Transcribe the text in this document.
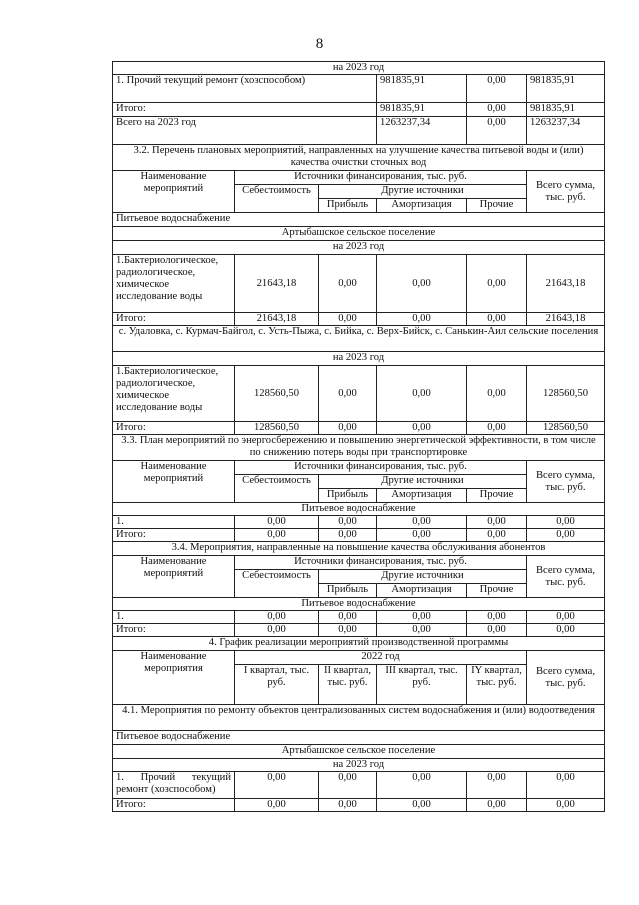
8
на 2023 год					
1. Прочий текущий ремонт (хозспособом)			981835,91	0,00	981835,91
Итого:			981835,91	0,00	981835,91
Всего на 2023 год			1263237,34	0,00	1263237,34
3.2. Перечень плановых мероприятий, направленных на улучшение качества питьевой воды и (или) качества очистки сточных вод					
Наименование мероприятий	Источники финансирования, тыс. руб.				Всего сумма, тыс. руб.
	Себестоимость	Другие источники			
		Прибыль	Амортизация	Прочие	
Питьевое водоснабжение					
Артыбашское сельское поселение					
на 2023 год					
1.Бактериологическое, радиологическое, химическое исследование воды	21643,18	0,00	0,00	0,00	21643,18
Итого:	21643,18	0,00	0,00	0,00	21643,18
с. Удаловка, с. Курмач-Байгол, с. Усть-Пыжа, с. Бийка, с. Верх-Бийск, с. Санькин-Аил сельские поселения					
на 2023 год					
1.Бактериологическое, радиологическое, химическое исследование воды	128560,50	0,00	0,00	0,00	128560,50
Итого:	128560,50	0,00	0,00	0,00	128560,50
3.3. План мероприятий по энергосбережению и повышению энергетической эффективности, в том числе по снижению потерь воды при транспортировке					
Наименование мероприятий	Источники финансирования, тыс. руб.				Всего сумма, тыс. руб.
	Себестоимость	Другие источники			
		Прибыль	Амортизация	Прочие	
Питьевое водоснабжение					
1.	0,00	0,00	0,00	0,00	0,00
Итого:	0,00	0,00	0,00	0,00	0,00
3.4. Мероприятия, направленные на повышение качества обслуживания абонентов					
Наименование мероприятий	Источники финансирования, тыс. руб.				Всего сумма, тыс. руб.
	Себестоимость	Другие источники			
		Прибыль	Амортизация	Прочие	
Питьевое водоснабжение					
1.	0,00	0,00	0,00	0,00	0,00
Итого:	0,00	0,00	0,00	0,00	0,00
4. График реализации мероприятий производственной программы					
Наименование мероприятия	2022 год				Всего сумма, тыс. руб.
	I квартал, тыс. руб.	II квартал, тыс. руб.	III квартал, тыс. руб.	IY квартал, тыс. руб.	
4.1. Мероприятия по ремонту объектов централизованных систем водоснабжения и (или) водоотведения					
Питьевое водоснабжение					
Артыбашское сельское поселение					
на 2023 год					
1. Прочий текущий ремонт (хозспособом)	0,00	0,00	0,00	0,00	0,00
Итого:	0,00	0,00	0,00	0,00	0,00
